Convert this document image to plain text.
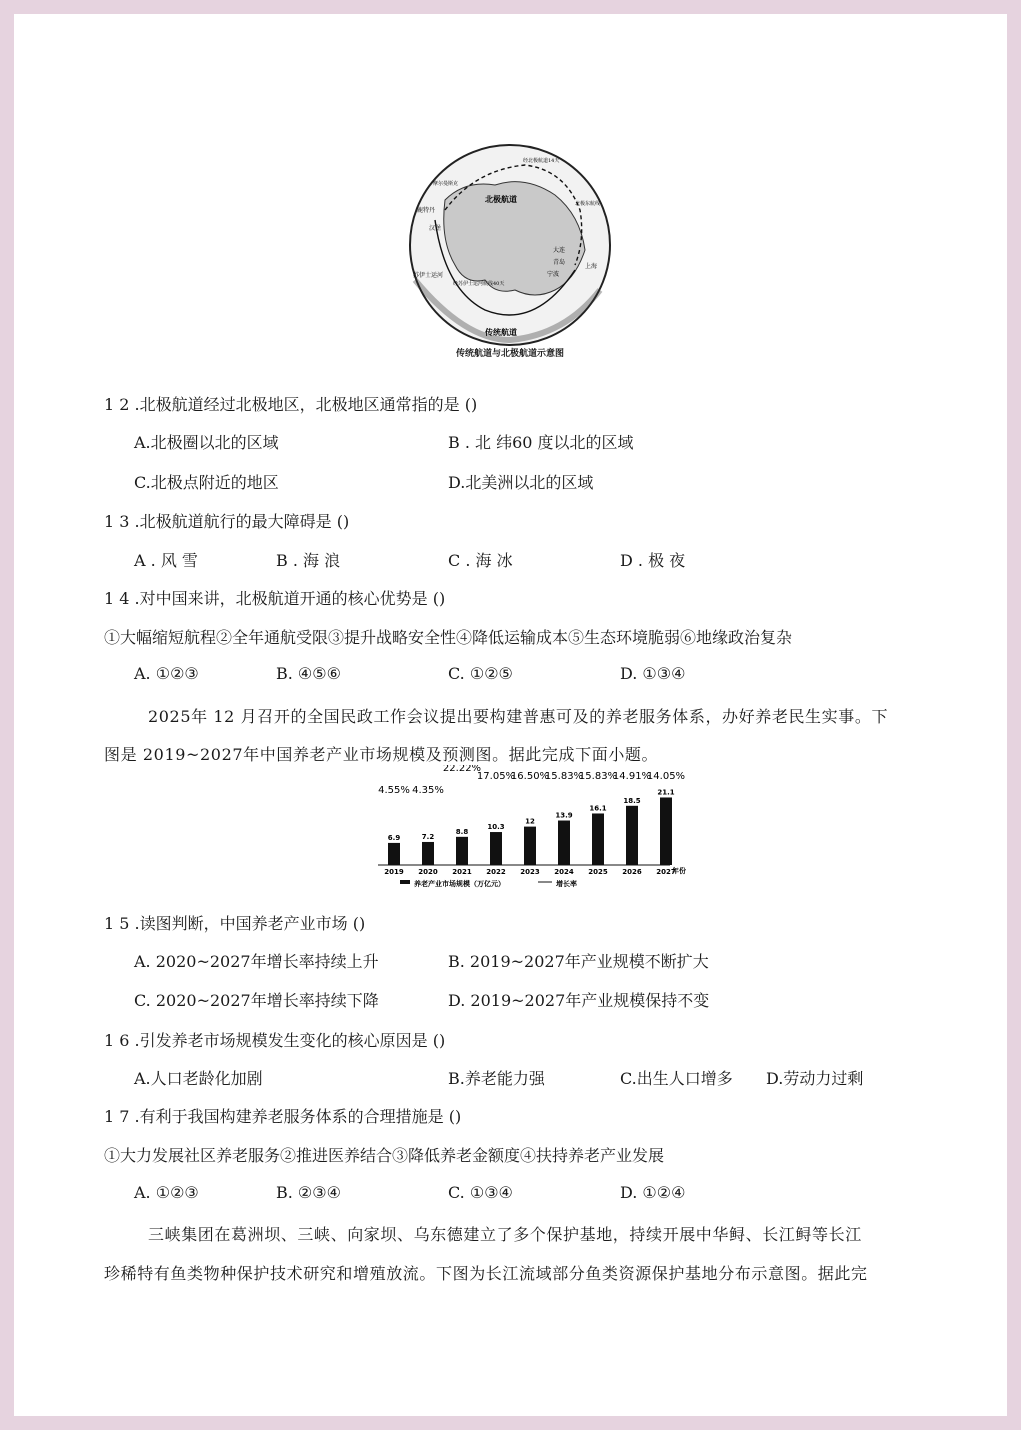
北极航道
传统航道
鹿特丹
汉堡
苏伊士运河
上海
大连
青岛
宁波
经北极航道14天
经苏伊士运河航线40天
北极东航线
摩尔曼斯克
传统航道与北极航道示意图
1 2 .北极航道经过北极地区，北极地区通常指的是 ()
A.北极圈以北的区域	B . 北 纬60 度以北的区域
C.北极点附近的地区	D.北美洲以北的区域
1 3 .北极航道航行的最大障碍是 ()
A . 风 雪	B . 海 浪	C . 海 冰	D . 极 夜
1 4 .对中国来讲，北极航道开通的核心优势是 ()
①大幅缩短航程②全年通航受限③提升战略安全性④降低运输成本⑤生态环境脆弱⑥地缘政治复杂
A. ①②③	B. ④⑤⑥	C. ①②⑤	D. ①③④
2025年 12 月召开的全国民政工作会议提出要构建普惠可及的养老服务体系，办好养老民生实事。下
图是 2019~2027年中国养老产业市场规模及预测图。据此完成下面小题。
年份
养老产业市场规模（万亿元）	增长率
6.9
2019
4.55%
7.2
2020
4.35%
8.8
2021
22.22%
10.3
2022
17.05%
12
2023
16.50%
13.9
2024
15.83%
16.1
2025
15.83%
18.5
2026
14.91%
21.1
2027
14.05%
1 5 .读图判断，中国养老产业市场 ()
A. 2020~2027年增长率持续上升	B. 2019~2027年产业规模不断扩大
C. 2020~2027年增长率持续下降	D. 2019~2027年产业规模保持不变
1 6 .引发养老市场规模发生变化的核心原因是 ()
A.人口老龄化加剧	B.养老能力强	C.出生人口增多 D.劳动力过剩
1 7 .有利于我国构建养老服务体系的合理措施是 ()
①大力发展社区养老服务②推进医养结合③降低养老金额度④扶持养老产业发展
A. ①②③	B. ②③④	C. ①③④	D. ①②④
三峡集团在葛洲坝、三峡、向家坝、乌东德建立了多个保护基地，持续开展中华鲟、长江鲟等长江
珍稀特有鱼类物种保护技术研究和增殖放流。下图为长江流域部分鱼类资源保护基地分布示意图。据此完
